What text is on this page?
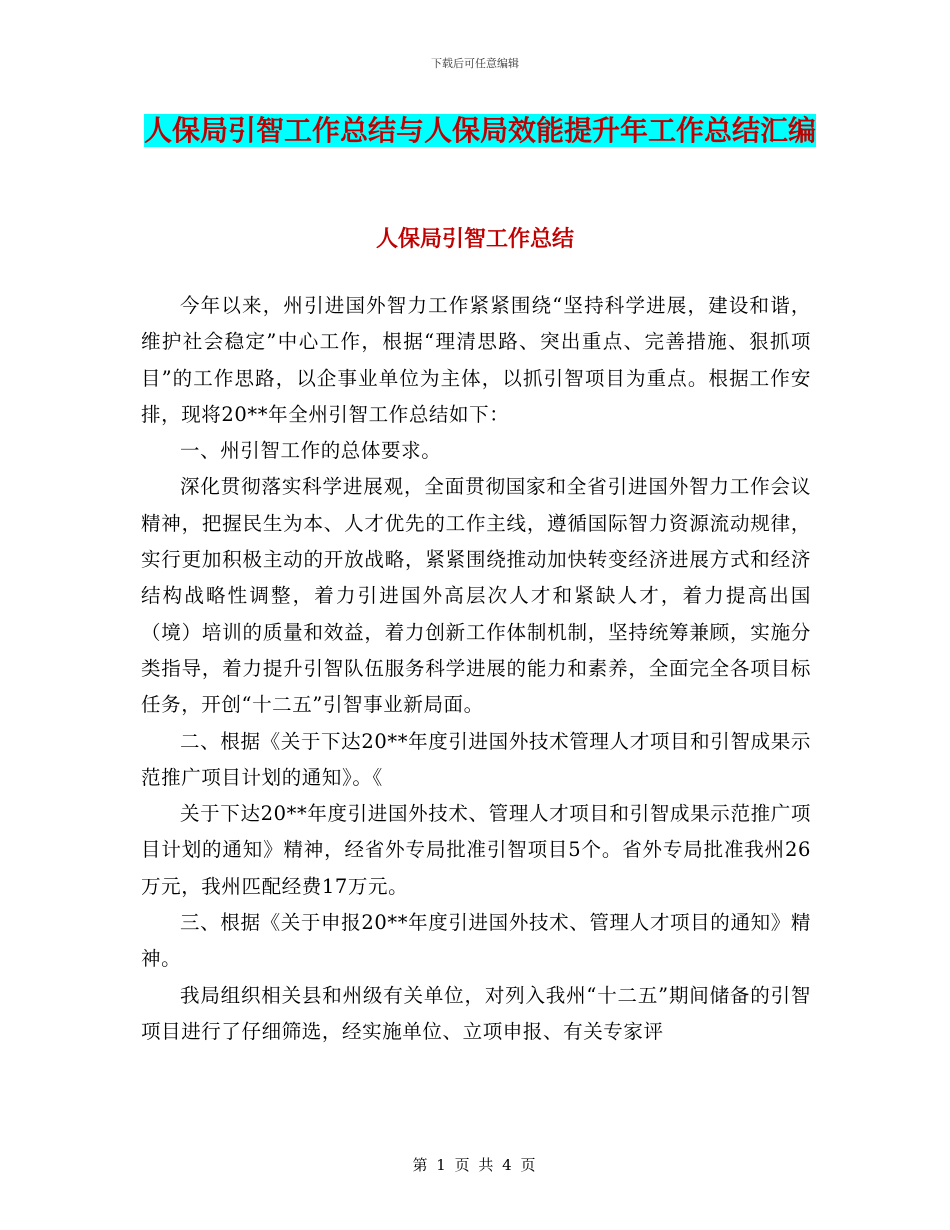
下载后可任意编辑
人保局引智工作总结与人保局效能提升年工作总结汇编
人保局引智工作总结

今年以来，州引进国外智力工作紧紧围绕“坚持科学进展，建设和谐，维护社会稳定”中心工作，根据“理清思路、突出重点、完善措施、狠抓项目”的工作思路，以企事业单位为主体，以抓引智项目为重点。根据工作安排，现将20**年全州引智工作总结如下：

一、州引智工作的总体要求。

深化贯彻落实科学进展观，全面贯彻国家和全省引进国外智力工作会议精神，把握民生为本、人才优先的工作主线，遵循国际智力资源流动规律，实行更加积极主动的开放战略，紧紧围绕推动加快转变经济进展方式和经济结构战略性调整，着力引进国外高层次人才和紧缺人才，着力提高出国（境）培训的质量和效益，着力创新工作体制机制，坚持统筹兼顾，实施分类指导，着力提升引智队伍服务科学进展的能力和素养，全面完全各项目标任务，开创“十二五”引智事业新局面。

二、根据《关于下达20**年度引进国外技术管理人才项目和引智成果示范推广项目计划的通知》。《

关于下达20**年度引进国外技术、管理人才项目和引智成果示范推广项目计划的通知》精神，经省外专局批准引智项目5个。省外专局批准我州26万元，我州匹配经费17万元。

三、根据《关于申报20**年度引进国外技术、管理人才项目的通知》精神。

我局组织相关县和州级有关单位，对列入我州“十二五”期间储备的引智项目进行了仔细筛选，经实施单位、立项申报、有关专家评

第 1 页 共 4 页
